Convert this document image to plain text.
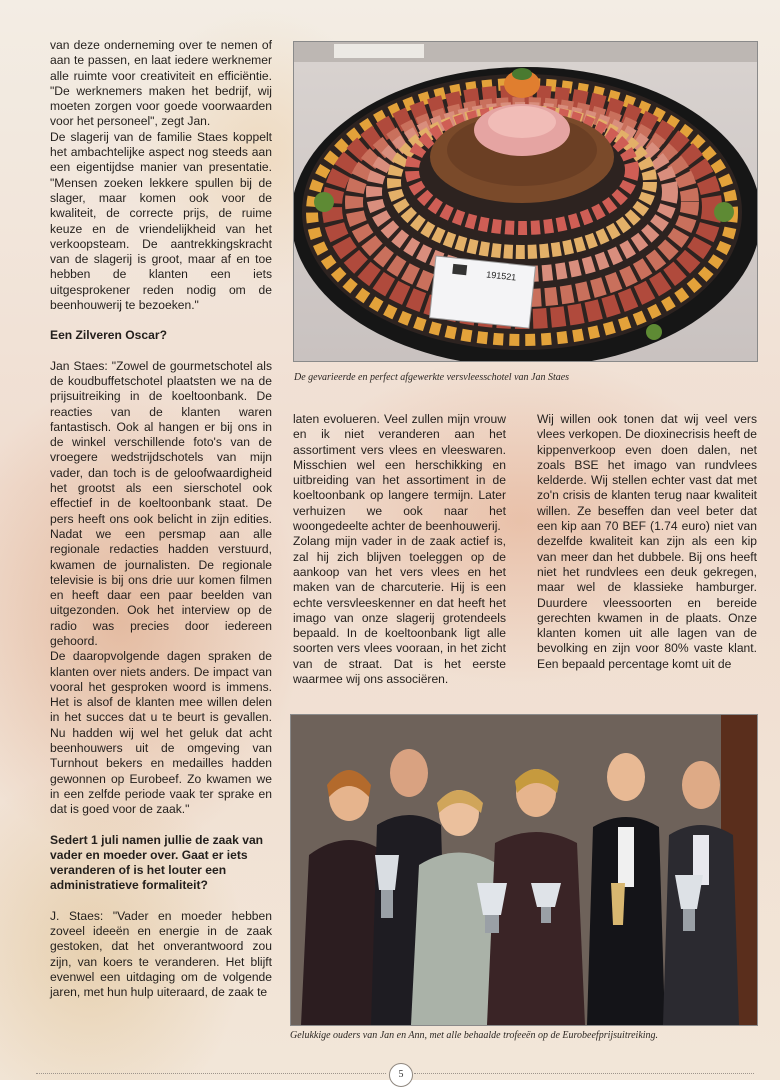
van deze onderneming over te nemen of aan te passen, en laat iedere werknemer alle ruimte voor creativiteit en efficiëntie. "De werknemers maken het bedrijf, wij moeten zorgen voor goede voorwaarden voor het personeel", zegt Jan.

De slagerij van de familie Staes koppelt het ambachtelijke aspect nog steeds aan een eigentijdse manier van presentatie. "Mensen zoeken lekkere spullen bij de slager, maar komen ook voor de kwaliteit, de correcte prijs, de ruime keuze en de vriendelijkheid van het verkoopsteam. De aantrekkingskracht van de slagerij is groot, maar af en toe hebben de klanten een iets uitgesprokener reden nodig om de beenhouwerij te bezoeken."

Een Zilveren Oscar?

Jan Staes: "Zowel de gourmetschotel als de koudbuffetschotel plaatsten we na de prijsuitreiking in de koeltoonbank. De reacties van de klanten waren fantastisch. Ook al hangen er bij ons in de winkel verschillende foto's van de vroegere wedstrijdschotels van mijn vader, dan toch is de geloofwaardigheid het grootst als een sierschotel ook effectief in de koeltoonbank staat. De pers heeft ons ook belicht in zijn edities. Nadat we een persmap aan alle regionale redacties hadden verstuurd, kwamen de journalisten. De regionale televisie is bij ons drie uur komen filmen en heeft daar een paar beelden van uitgezonden. Ook het interview op de radio was precies door iedereen gehoord.

De daaropvolgende dagen spraken de klanten over niets anders. De impact van vooral het gesproken woord is immens. Het is alsof de klanten mee willen delen in het succes dat u te beurt is gevallen. Nu hadden wij wel het geluk dat acht beenhouwers uit de omgeving van Turnhout bekers en medailles hadden gewonnen op Eurobeef. Zo kwamen we in een zelfde periode vaak ter sprake en dat is goed voor de zaak."

Sedert 1 juli namen jullie de zaak van vader en moeder over. Gaat er iets veranderen of is het louter een administratieve formaliteit?

J. Staes: "Vader en moeder hebben zoveel ideeën en energie in de zaak gestoken, dat het onverantwoord zou zijn, van koers te veranderen. Het blijft evenwel een uitdaging om de volgende jaren, met hun hulp uiteraard, de zaak te

191521
De gevarieerde en perfect afgewerkte versvleesschotel van Jan Staes

laten evolueren. Veel zullen mijn vrouw en ik niet veranderen aan het assortiment vers vlees en vleeswaren. Misschien wel een herschikking en uitbreiding van het assortiment in de koeltoonbank op langere termijn. Later verhuizen we ook naar het woongedeelte achter de beenhouwerij.

Zolang mijn vader in de zaak actief is, zal hij zich blijven toeleggen op de aankoop van het vers vlees en het maken van de charcuterie. Hij is een echte versvleeskenner en dat heeft het imago van onze slagerij grotendeels bepaald. In de koeltoonbank ligt alle soorten vers vlees vooraan, in het zicht van de straat. Dat is het eerste waarmee wij ons associëren.

Wij willen ook tonen dat wij veel vers vlees verkopen. De dioxinecrisis heeft de kippenverkoop even doen dalen, net zoals BSE het imago van rundvlees kelderde. Wij stellen echter vast dat met zo'n crisis de klanten terug naar kwaliteit willen. Ze beseffen dan veel beter dat een kip aan 70 BEF (1.74 euro) niet van dezelfde kwaliteit kan zijn als een kip van meer dan het dubbele. Bij ons heeft niet het rundvlees een deuk gekregen, maar wel de klassieke hamburger. Duurdere vleessoorten en bereide gerechten kwamen in de plaats. Onze klanten komen uit alle lagen van de bevolking en zijn voor 80% vaste klant. Een bepaald percentage komt uit de

Gelukkige ouders van Jan en Ann, met alle behaalde trofeeën op de Eurobeefprijsuitreiking.
5
